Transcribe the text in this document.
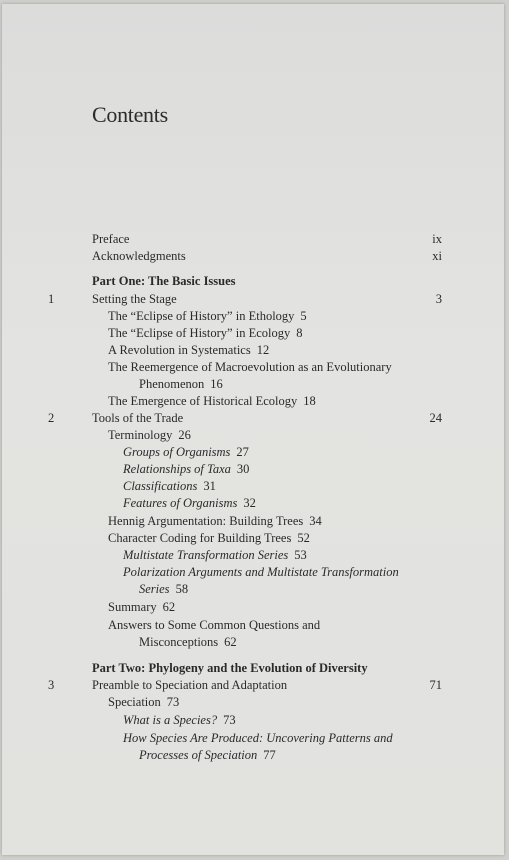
Contents
Preface	ix
Acknowledgments	xi
Part One: The Basic Issues
1	Setting the Stage	3
The “Eclipse of History” in Ethology 5
The “Eclipse of History” in Ecology 8
A Revolution in Systematics 12
The Reemergence of Macroevolution as an Evolutionary
Phenomenon 16
The Emergence of Historical Ecology 18
2	Tools of the Trade	24
Terminology 26
Groups of Organisms 27
Relationships of Taxa 30
Classifications 31
Features of Organisms 32
Hennig Argumentation: Building Trees 34
Character Coding for Building Trees 52
Multistate Transformation Series 53
Polarization Arguments and Multistate Transformation
Series 58
Summary 62
Answers to Some Common Questions and
Misconceptions 62
Part Two: Phylogeny and the Evolution of Diversity
3	Preamble to Speciation and Adaptation	71
Speciation 73
What is a Species? 73
How Species Are Produced: Uncovering Patterns and
Processes of Speciation 77
